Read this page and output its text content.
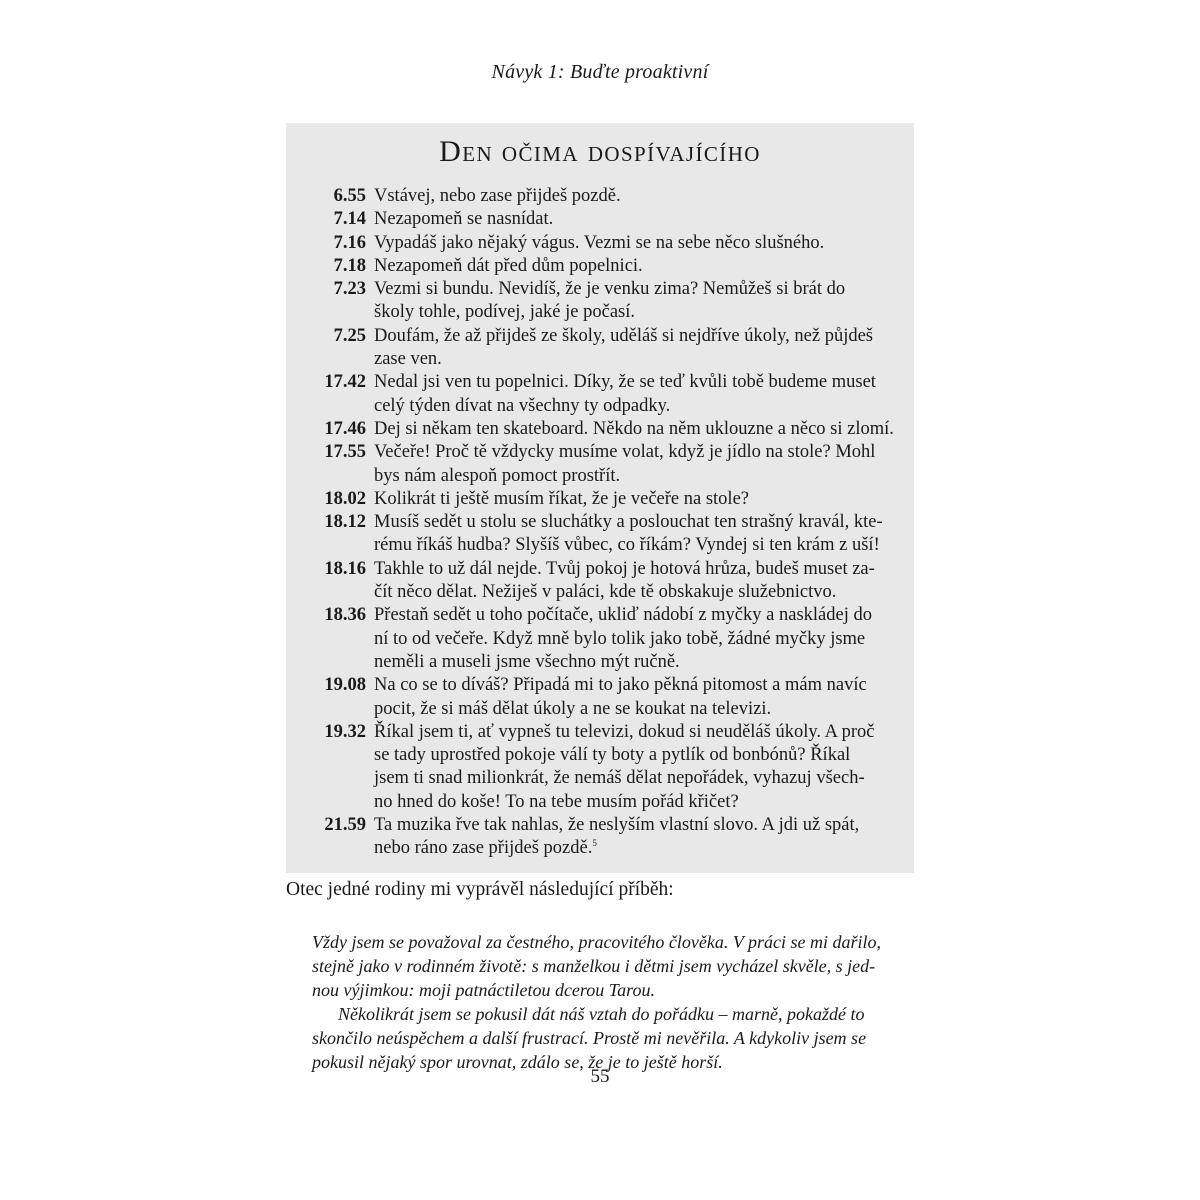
Návyk 1: Buďte proaktivní
Den očima dospívajícího
6.55 Vstávej, nebo zase přijdeš pozdě.
7.14 Nezapomeň se nasnídat.
7.16 Vypadáš jako nějaký vágus. Vezmi se na sebe něco slušného.
7.18 Nezapomeň dát před dům popelnici.
7.23 Vezmi si bundu. Nevidíš, že je venku zima? Nemůžeš si brát do
školy tohle, podívej, jaké je počasí.
7.25 Doufám, že až přijdeš ze školy, uděláš si nejdříve úkoly, než půjdeš
zase ven.
17.42 Nedal jsi ven tu popelnici. Díky, že se teď kvůli tobě budeme muset
celý týden dívat na všechny ty odpadky.
17.46 Dej si někam ten skateboard. Někdo na něm uklouzne a něco si zlomí.
17.55 Večeře! Proč tě vždycky musíme volat, když je jídlo na stole? Mohl
bys nám alespoň pomoct prostřít.
18.02 Kolikrát ti ještě musím říkat, že je večeře na stole?
18.12 Musíš sedět u stolu se sluchátky a poslouchat ten strašný kravál, kte-
rému říkáš hudba? Slyšíš vůbec, co říkám? Vyndej si ten krám z uší!
18.16 Takhle to už dál nejde. Tvůj pokoj je hotová hrůza, budeš muset za-
čít něco dělat. Nežiješ v paláci, kde tě obskakuje služebnictvo.
18.36 Přestaň sedět u toho počítače, ukliď nádobí z myčky a naskládej do
ní to od večeře. Když mně bylo tolik jako tobě, žádné myčky jsme
neměli a museli jsme všechno mýt ručně.
19.08 Na co se to díváš? Připadá mi to jako pěkná pitomost a mám navíc
pocit, že si máš dělat úkoly a ne se koukat na televizi.
19.32 Říkal jsem ti, ať vypneš tu televizi, dokud si neuděláš úkoly. A proč
se tady uprostřed pokoje válí ty boty a pytlík od bonbónů? Říkal
jsem ti snad milionkrát, že nemáš dělat nepořádek, vyhazuj všech-
no hned do koše! To na tebe musím pořád křičet?
21.59 Ta muzika řve tak nahlas, že neslyším vlastní slovo. A jdi už spát,
nebo ráno zase přijdeš pozdě.$^5$
Otec jedné rodiny mi vyprávěl následující příběh:
Vždy jsem se považoval za čestného, pracovitého člověka. V práci se mi dařilo,
stejně jako v rodinném životě: s manželkou i dětmi jsem vycházel skvěle, s jed-
nou výjimkou: moji patnáctiletou dcerou Tarou.
Několikrát jsem se pokusil dát náš vztah do pořádku – marně, pokaždé to
skončilo neúspěchem a další frustrací. Prostě mi nevěřila. A kdykoliv jsem se
pokusil nějaký spor urovnat, zdálo se, že je to ještě horší.
55
